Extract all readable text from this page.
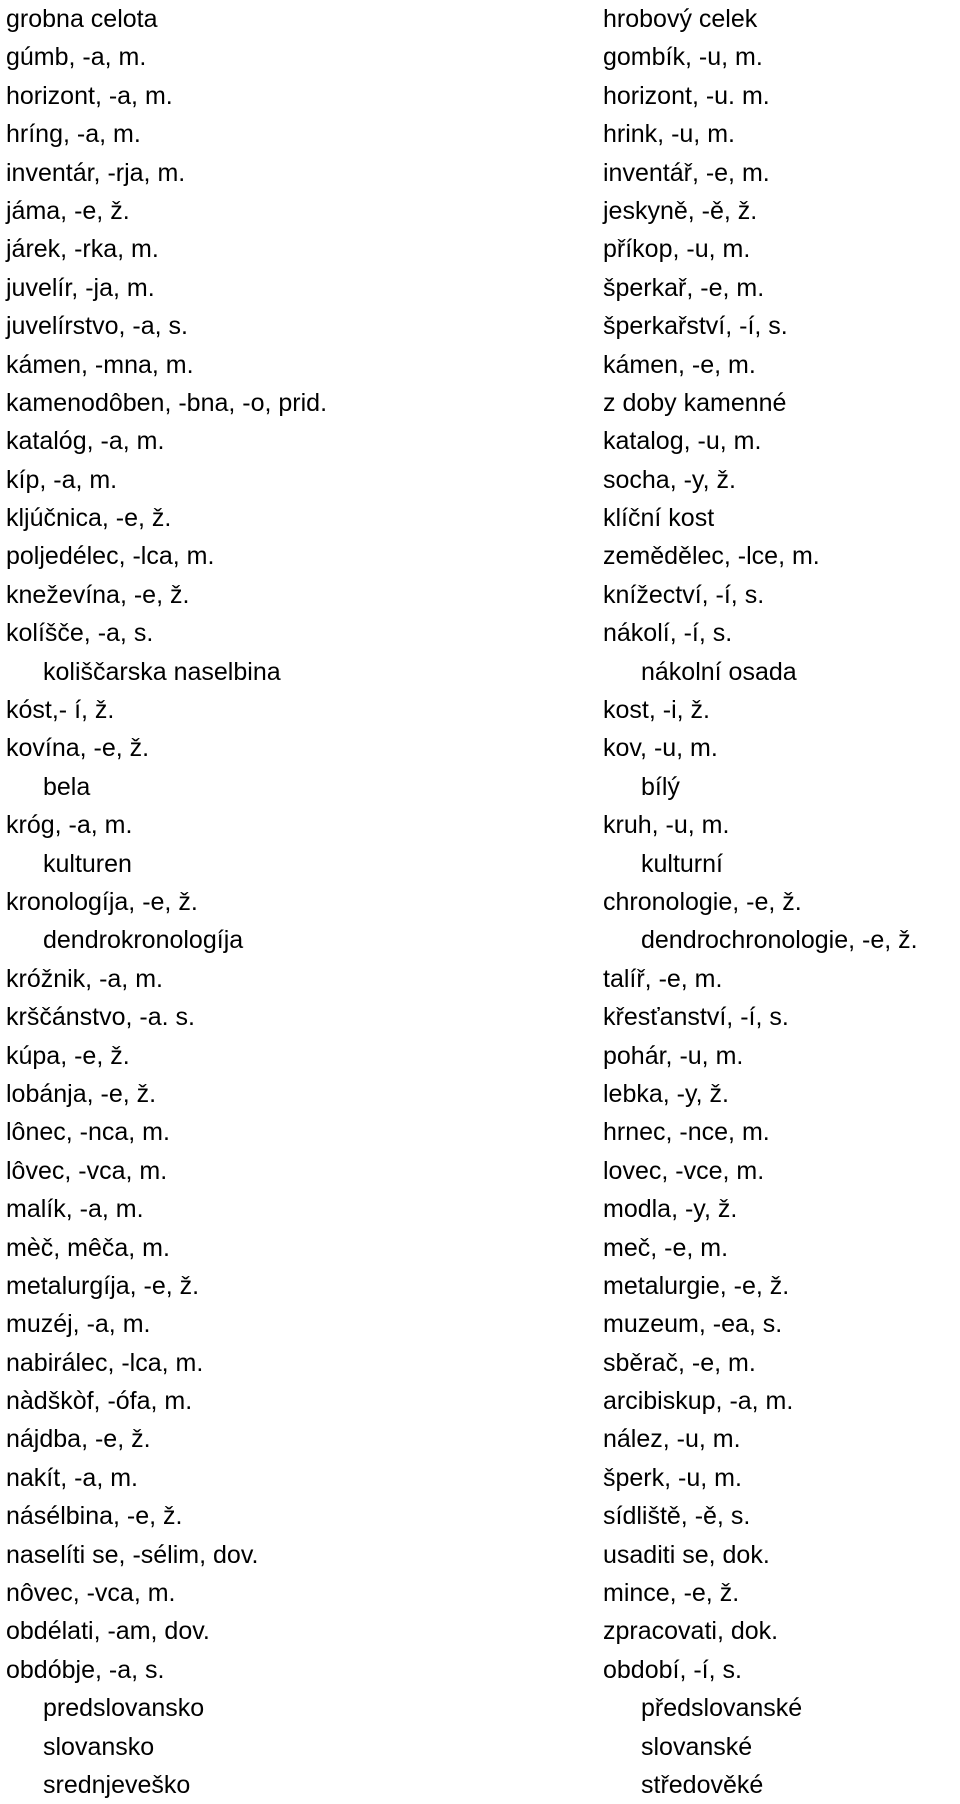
grobna celota	hrobový celek
gúmb, -a, m.	gombík, -u, m.
horizont, -a, m.	horizont, -u. m.
hríng, -a, m.	hrink, -u, m.
inventár, -rja, m.	inventář, -e, m.
jáma, -e, ž.	jeskyně, -ě, ž.
járek, -rka, m.	příkop, -u, m.
juvelír, -ja, m.	šperkař, -e, m.
juvelírstvo, -a, s.	šperkařství, -í, s.
kámen, -mna, m.	kámen, -e, m.
kamenodôben, -bna, -o, prid.	z doby kamenné
katalóg, -a, m.	katalog, -u, m.
kíp, -a, m.	socha, -y, ž.
kljúčnica, -e, ž.	klíční kost
poljedélec, -lca, m.	zemědělec, -lce, m.
kneževína, -e, ž.	knížectví, -í, s.
kolíšče, -a, s.	nákolí, -í, s.
koliščarska naselbina	nákolní osada
kóst,- í, ž.	kost, -i, ž.
kovína, -e, ž.	kov, -u, m.
bela	bílý
króg, -a, m.	kruh, -u, m.
kulturen	kulturní
kronologíja, -e, ž.	chronologie, -e, ž.
dendrokronologíja	dendrochronologie, -e, ž.
króžnik, -a, m.	talíř, -e, m.
krščánstvo, -a. s.	křesťanství, -í, s.
kúpa, -e, ž.	pohár, -u, m.
lobánja, -e, ž.	lebka, -y, ž.
lônec, -nca, m.	hrnec, -nce, m.
lôvec, -vca, m.	lovec, -vce, m.
malík, -a, m.	modla, -y, ž.
mèč, mêča, m.	meč, -e, m.
metalurgíja, -e, ž.	metalurgie, -e, ž.
muzéj, -a, m.	muzeum, -ea, s.
nabirálec, -lca, m.	sběrač, -e, m.
nàdškòf, -ófa, m.	arcibiskup, -a, m.
nájdba, -e, ž.	nález, -u, m.
nakít, -a, m.	šperk, -u, m.
násélbina, -e, ž.	sídliště, -ě, s.
naselíti se, -sélim, dov.	usaditi se, dok.
nôvec, -vca, m.	mince, -e, ž.
obdélati, -am, dov.	zpracovati, dok.
obdóbje, -a, s.	období, -í, s.
predslovansko	předslovanské
slovansko	slovanské
srednjeveško	středověké
